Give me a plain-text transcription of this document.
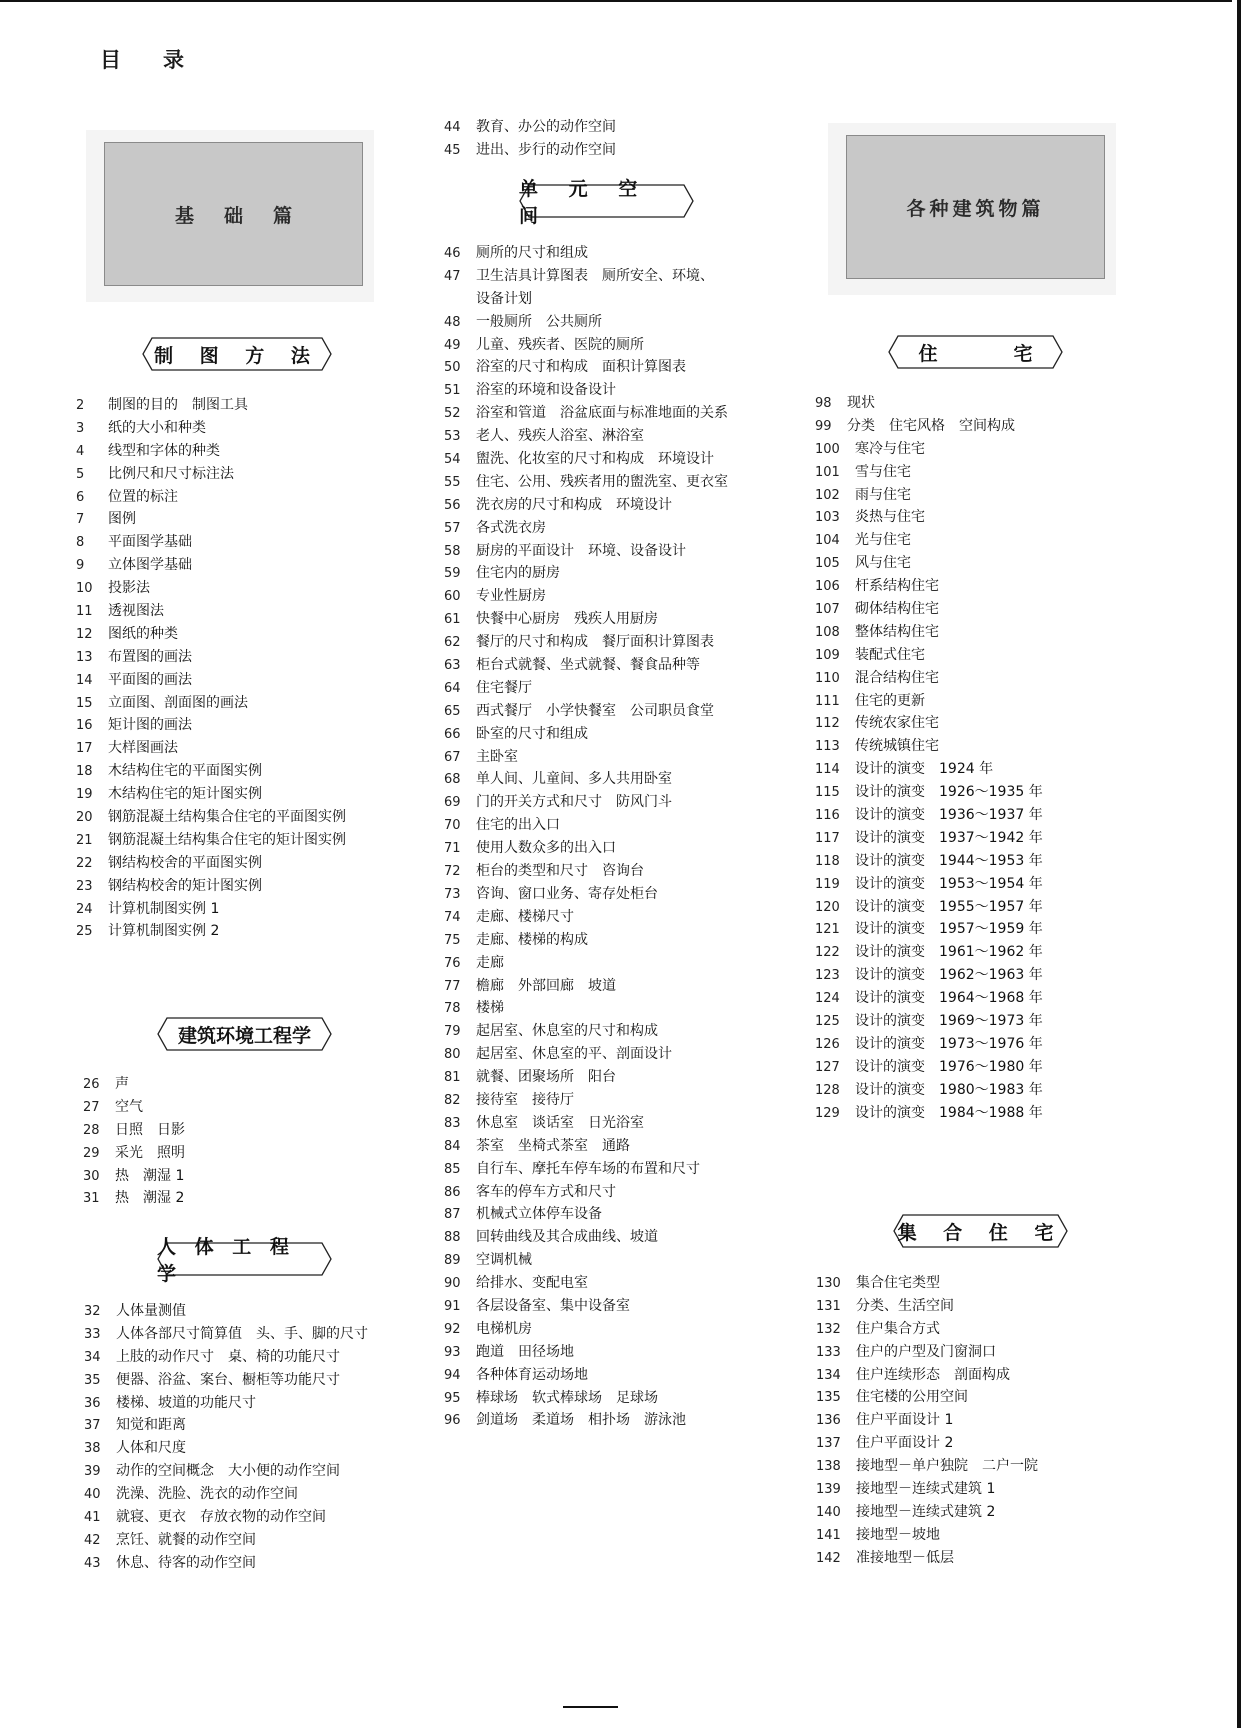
目录
基础篇
制 图 方 法
2	制图的目的　制图工具
3	纸的大小和种类
4	线型和字体的种类
5	比例尺和尺寸标注法
6	位置的标注
7	图例
8	平面图学基础
9	立体图学基础
10	投影法
11	透视图法
12	图纸的种类
13	布置图的画法
14	平面图的画法
15	立面图、剖面图的画法
16	矩计图的画法
17	大样图画法
18	木结构住宅的平面图实例
19	木结构住宅的矩计图实例
20	钢筋混凝土结构集合住宅的平面图实例
21	钢筋混凝土结构集合住宅的矩计图实例
22	钢结构校舍的平面图实例
23	钢结构校舍的矩计图实例
24	计算机制图实例 1
25	计算机制图实例 2
建筑环境工程学
26	声
27	空气
28	日照　日影
29	采光　照明
30	热　潮湿 1
31	热　潮湿 2
人 体 工 程 学
32	人体量测值
33	人体各部尺寸简算值　头、手、脚的尺寸
34	上肢的动作尺寸　桌、椅的功能尺寸
35	便器、浴盆、案台、橱柜等功能尺寸
36	楼梯、坡道的功能尺寸
37	知觉和距离
38	人体和尺度
39	动作的空间概念　大小便的动作空间
40	洗澡、洗脸、洗衣的动作空间
41	就寝、更衣　存放衣物的动作空间
42	烹饪、就餐的动作空间
43	休息、待客的动作空间
44	教育、办公的动作空间
45	进出、步行的动作空间
单 元 空 间
46	厕所的尺寸和组成
47	卫生洁具计算图表　厕所安全、环境、
设备计划
48	一般厕所　公共厕所
49	儿童、残疾者、医院的厕所
50	浴室的尺寸和构成　面积计算图表
51	浴室的环境和设备设计
52	浴室和管道　浴盆底面与标准地面的关系
53	老人、残疾人浴室、淋浴室
54	盥洗、化妆室的尺寸和构成　环境设计
55	住宅、公用、残疾者用的盥洗室、更衣室
56	洗衣房的尺寸和构成　环境设计
57	各式洗衣房
58	厨房的平面设计　环境、设备设计
59	住宅内的厨房
60	专业性厨房
61	快餐中心厨房　残疾人用厨房
62	餐厅的尺寸和构成　餐厅面积计算图表
63	柜台式就餐、坐式就餐、餐食品种等
64	住宅餐厅
65	西式餐厅　小学快餐室　公司职员食堂
66	卧室的尺寸和组成
67	主卧室
68	单人间、儿童间、多人共用卧室
69	门的开关方式和尺寸　防风门斗
70	住宅的出入口
71	使用人数众多的出入口
72	柜台的类型和尺寸　咨询台
73	咨询、窗口业务、寄存处柜台
74	走廊、楼梯尺寸
75	走廊、楼梯的构成
76	走廊
77	檐廊　外部回廊　坡道
78	楼梯
79	起居室、休息室的尺寸和构成
80	起居室、休息室的平、剖面设计
81	就餐、团聚场所　阳台
82	接待室　接待厅
83	休息室　谈话室　日光浴室
84	茶室　坐椅式茶室　通路
85	自行车、摩托车停车场的布置和尺寸
86	客车的停车方式和尺寸
87	机械式立体停车设备
88	回转曲线及其合成曲线、坡道
89	空调机械
90	给排水、变配电室
91	各层设备室、集中设备室
92	电梯机房
93	跑道　田径场地
94	各种体育运动场地
95	棒球场　软式棒球场　足球场
96	剑道场　柔道场　相扑场　游泳池
各种建筑物篇
住　　　　宅
98	现状
99	分类　住宅风格　空间构成
100	寒冷与住宅
101	雪与住宅
102	雨与住宅
103	炎热与住宅
104	光与住宅
105	风与住宅
106	杆系结构住宅
107	砌体结构住宅
108	整体结构住宅
109	装配式住宅
110	混合结构住宅
111	住宅的更新
112	传统农家住宅
113	传统城镇住宅
114	设计的演变　1924 年
115	设计的演变　1926～1935 年
116	设计的演变　1936～1937 年
117	设计的演变　1937～1942 年
118	设计的演变　1944～1953 年
119	设计的演变　1953～1954 年
120	设计的演变　1955～1957 年
121	设计的演变　1957～1959 年
122	设计的演变　1961～1962 年
123	设计的演变　1962～1963 年
124	设计的演变　1964～1968 年
125	设计的演变　1969～1973 年
126	设计的演变　1973～1976 年
127	设计的演变　1976～1980 年
128	设计的演变　1980～1983 年
129	设计的演变　1984～1988 年
集 合 住 宅
130	集合住宅类型
131	分类、生活空间
132	住户集合方式
133	住户的户型及门窗洞口
134	住户连续形态　剖面构成
135	住宅楼的公用空间
136	住户平面设计 1
137	住户平面设计 2
138	接地型－单户独院　二户一院
139	接地型－连续式建筑 1
140	接地型－连续式建筑 2
141	接地型－坡地
142	准接地型－低层
